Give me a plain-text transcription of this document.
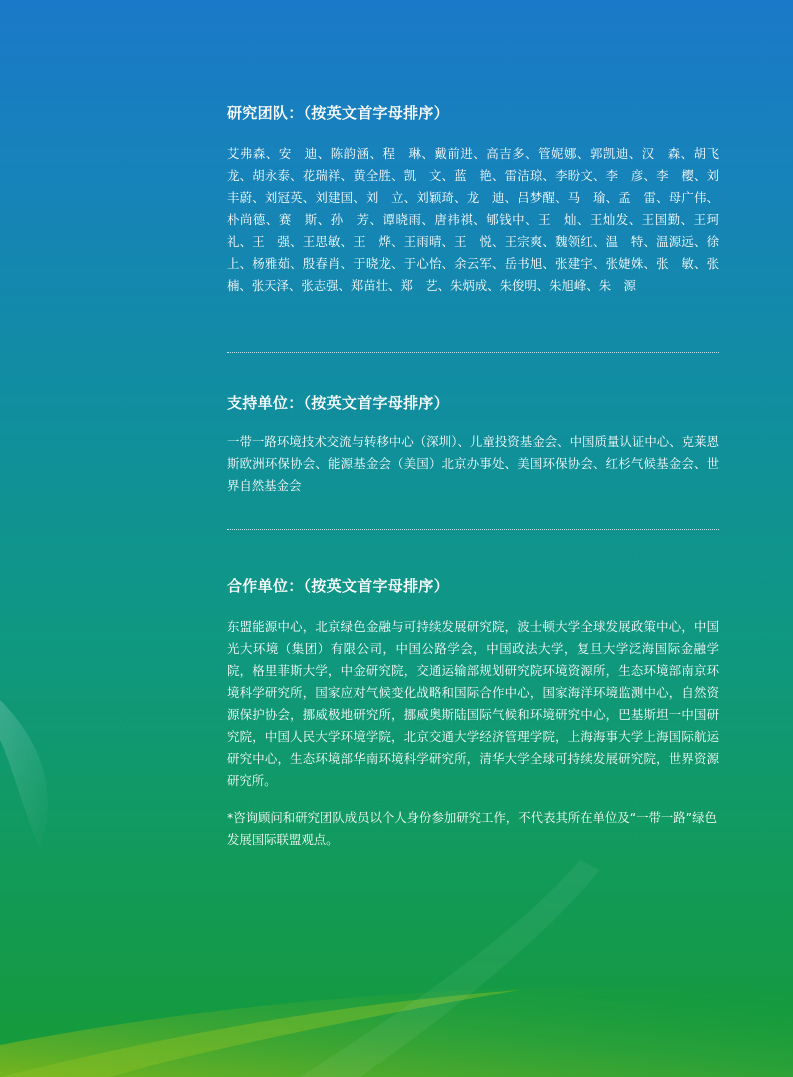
研究团队：（按英文首字母排序）
艾弗森、安　迪、陈韵涵、程　琳、戴前进、高吉多、管妮娜、郭凯迪、汉　森、胡飞龙、胡永泰、花瑞祥、黄全胜、凯　文、蓝　艳、雷洁琼、李盼文、李　彦、李　樱、刘丰蔚、刘冠英、刘建国、刘　立、刘颖琦、龙　迪、吕梦醒、马　瑜、孟　雷、母广伟、朴尚德、赛　斯、孙　芳、谭晓雨、唐祎祺、郇钱中、王　灿、王灿发、王国勤、王珂礼、王　强、王思敏、王　烨、王雨晴、王　悦、王宗爽、魏领红、温　特、温源远、徐　上、杨雅茹、殷春肖、于晓龙、于心怡、余云军、岳书旭、张建宇、张婕姝、张　敏、张　楠、张天泽、张志强、郑苗壮、郑　艺、朱炳成、朱俊明、朱旭峰、朱　源
支持单位：（按英文首字母排序）
一带一路环境技术交流与转移中心（深圳）、儿童投资基金会、中国质量认证中心、克莱恩斯欧洲环保协会、能源基金会（美国）北京办事处、美国环保协会、红杉气候基金会、世界自然基金会
合作单位：（按英文首字母排序）
东盟能源中心，北京绿色金融与可持续发展研究院，波士顿大学全球发展政策中心，中国光大环境（集团）有限公司，中国公路学会，中国政法大学，复旦大学泛海国际金融学院，格里菲斯大学，中金研究院，交通运输部规划研究院环境资源所，生态环境部南京环境科学研究所，国家应对气候变化战略和国际合作中心，国家海洋环境监测中心，自然资源保护协会，挪威极地研究所，挪威奥斯陆国际气候和环境研究中心，巴基斯坦一中国研究院，中国人民大学环境学院，北京交通大学经济管理学院，上海海事大学上海国际航运研究中心，生态环境部华南环境科学研究所，清华大学全球可持续发展研究院，世界资源研究所。
*咨询顾问和研究团队成员以个人身份参加研究工作，不代表其所在单位及“一带一路”绿色发展国际联盟观点。
